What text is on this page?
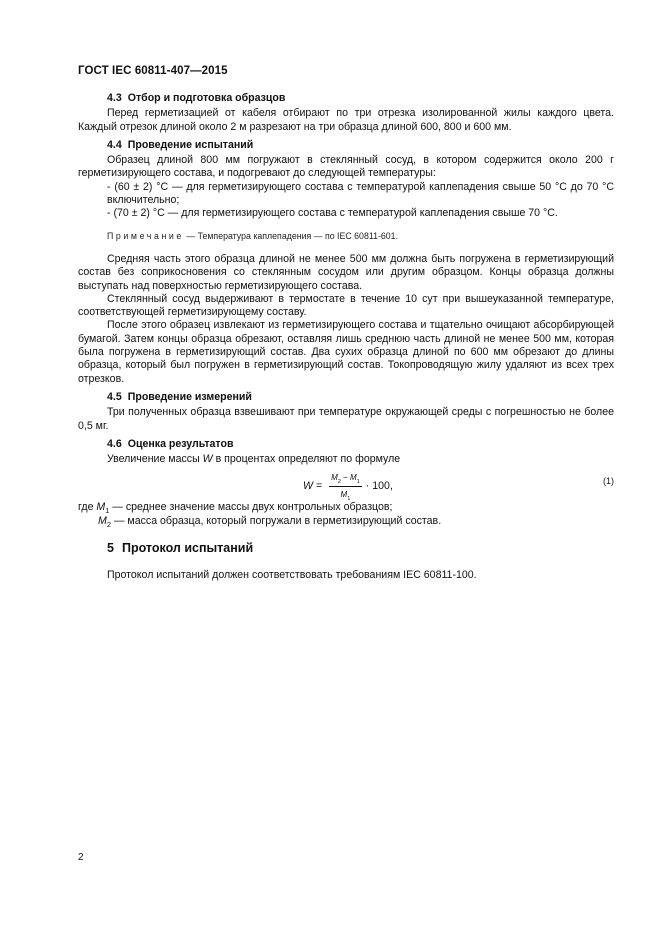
ГОСТ IEC 60811-407—2015
4.3 Отбор и подготовка образцов

Перед герметизацией от кабеля отбирают по три отрезка изолированной жилы каждого цвета. Каждый отрезок длиной около 2 м разрезают на три образца длиной 600, 800 и 600 мм.

4.4 Проведение испытаний

Образец длиной 800 мм погружают в стеклянный сосуд, в котором содержится около 200 г герметизирующего состава, и подогревают до следующей температуры:

- (60 ± 2) °С — для герметизирующего состава с температурой каплепадения свыше 50 °С до 70 °С включительно;

- (70 ± 2) °С — для герметизирующего состава с температурой каплепадения свыше 70 °С.

Примечание — Температура каплепадения — по IEC 60811-601.

Средняя часть этого образца длиной не менее 500 мм должна быть погружена в герметизирующий состав без соприкосновения со стеклянным сосудом или другим образцом. Концы образца должны выступать над поверхностью герметизирующего состава.

Стеклянный сосуд выдерживают в термостате в течение 10 сут при вышеуказанной температуре, соответствующей герметизирующему составу.

После этого образец извлекают из герметизирующего состава и тщательно очищают абсорбирующей бумагой. Затем концы образца обрезают, оставляя лишь среднюю часть длиной не менее 500 мм, которая была погружена в герметизирующий состав. Два сухих образца длиной по 600 мм обрезают до длины образца, который был погружен в герметизирующий состав. Токопроводящую жилу удаляют из всех трех отрезков.

4.5 Проведение измерений

Три полученных образца взвешивают при температуре окружающей среды с погрешностью не более 0,5 мг.

4.6 Оценка результатов

Увеличение массы W в процентах определяют по формуле

$W = \frac{M_2 - M_1}{M_1} \cdot 100$,	(1)
где $M_1$ — среднее значение массы двух контрольных образцов;
$M_2$ — масса образца, который погружали в герметизирующий состав.
5 Протокол испытаний

Протокол испытаний должен соответствовать требованиям IEC 60811-100.

2
